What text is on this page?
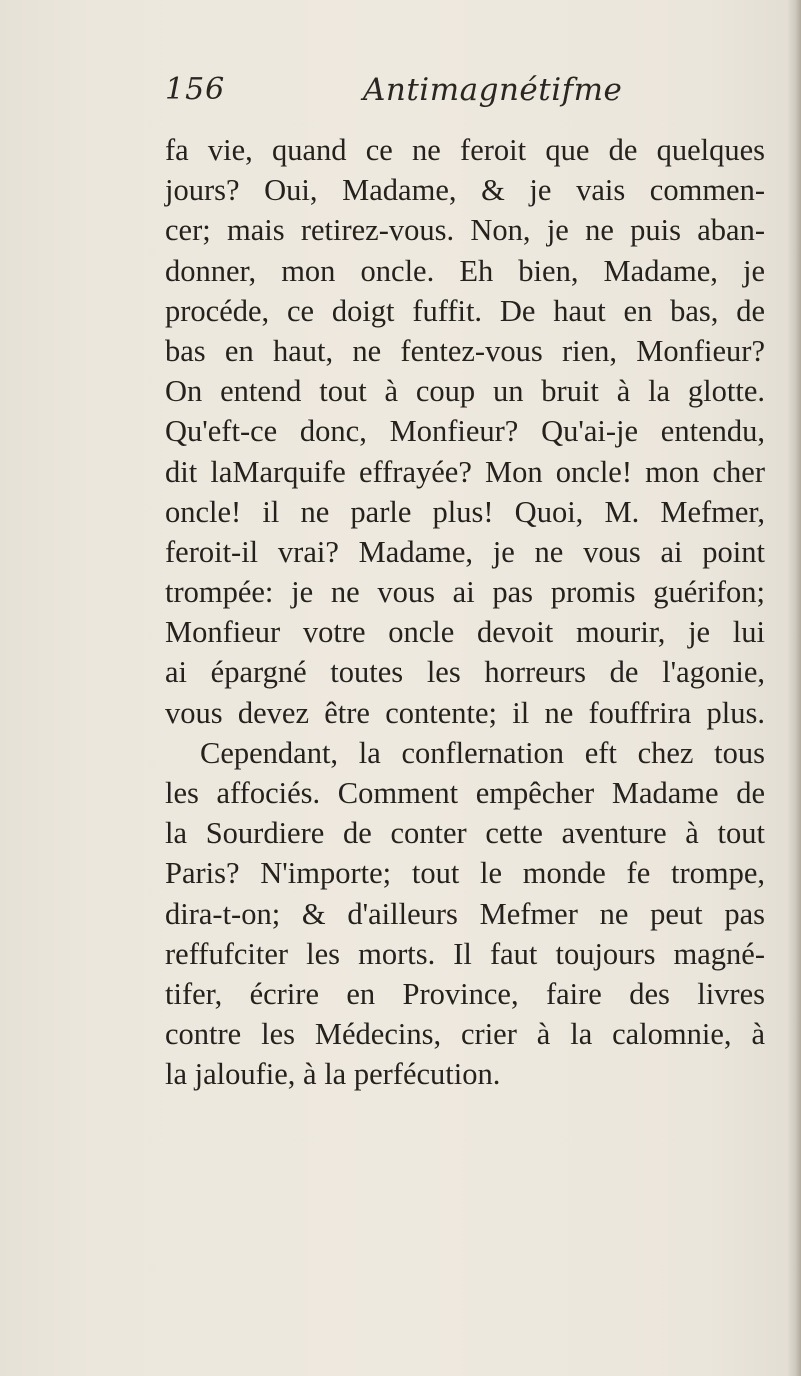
156	Antimagnétifme
fa vie, quand ce ne feroit que de quelques
jours? Oui, Madame, & je vais commen-
cer; mais retirez-vous. Non, je ne puis aban-
donner, mon oncle. Eh bien, Madame, je
procéde, ce doigt fuffit. De haut en bas, de
bas en haut, ne fentez-vous rien, Monfieur?
On entend tout à coup un bruit à la glotte.
Qu'eft-ce donc, Monfieur? Qu'ai-je entendu,
dit laMarquife effrayée? Mon oncle! mon cher
oncle! il ne parle plus! Quoi, M. Mefmer,
feroit-il vrai? Madame, je ne vous ai point
trompée: je ne vous ai pas promis guérifon;
Monfieur votre oncle devoit mourir, je lui
ai épargné toutes les horreurs de l'agonie,
vous devez être contente; il ne fouffrira plus.
Cependant, la conflernation eft chez tous
les affociés. Comment empêcher Madame de
la Sourdiere de conter cette aventure à tout
Paris? N'importe; tout le monde fe trompe,
dira-t-on; & d'ailleurs Mefmer ne peut pas
reffufciter les morts. Il faut toujours magné-
tifer, écrire en Province, faire des livres
contre les Médecins, crier à la calomnie, à
la jaloufie, à la perfécution.
